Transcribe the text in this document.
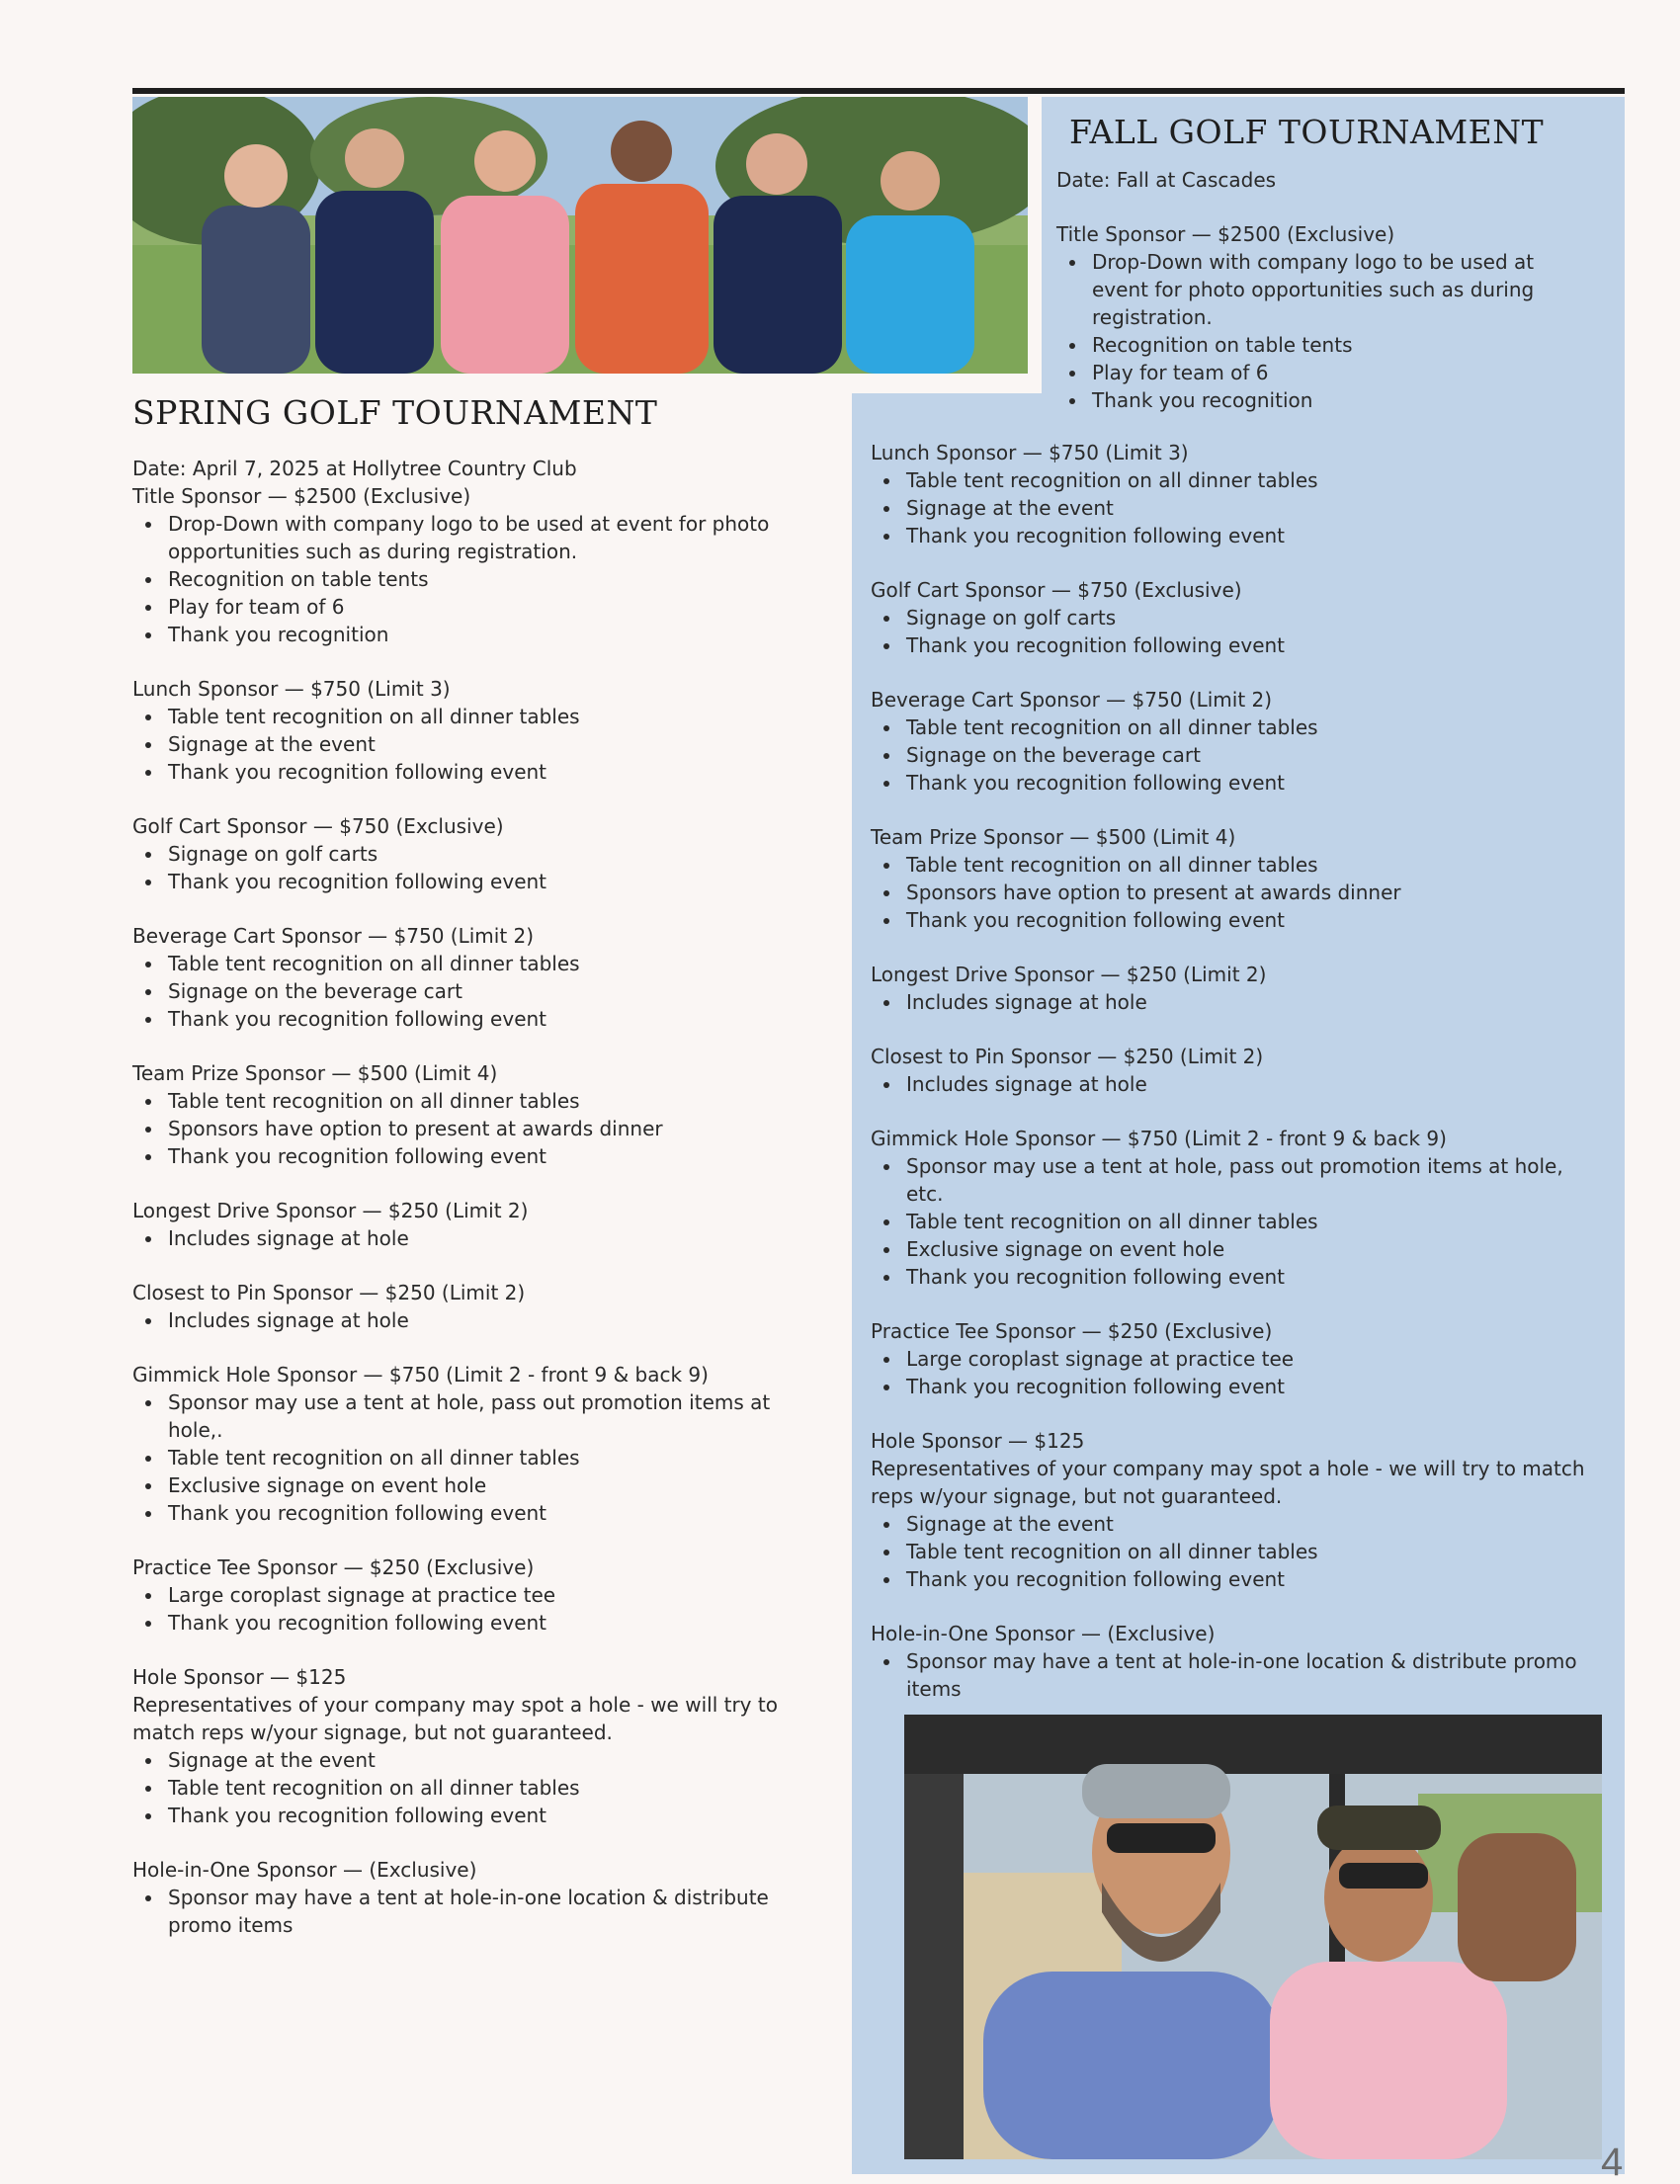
SPRING GOLF TOURNAMENT

Date: April 7, 2025 at Hollytree Country Club

Title Sponsor — $2500 (Exclusive)

Drop-Down with company logo to be used at event for photo opportunities such as during registration.
Recognition on table tents
Play for team of 6
Thank you recognition

Lunch Sponsor — $750 (Limit 3)

Table tent recognition on all dinner tables
Signage at the event
Thank you recognition following event

Golf Cart Sponsor — $750 (Exclusive)

Signage on golf carts
Thank you recognition following event

Beverage Cart Sponsor — $750 (Limit 2)

Table tent recognition on all dinner tables
Signage on the beverage cart
Thank you recognition following event

Team Prize Sponsor — $500 (Limit 4)

Table tent recognition on all dinner tables
Sponsors have option to present at awards dinner
Thank you recognition following event

Longest Drive Sponsor — $250 (Limit 2)

Includes signage at hole

Closest to Pin Sponsor — $250 (Limit 2)

Includes signage at hole

Gimmick Hole Sponsor — $750 (Limit 2 - front 9 & back 9)

Sponsor may use a tent at hole, pass out promotion items at hole,.
Table tent recognition on all dinner tables
Exclusive signage on event hole
Thank you recognition following event

Practice Tee Sponsor — $250 (Exclusive)

Large coroplast signage at practice tee
Thank you recognition following event

Hole Sponsor — $125

Representatives of your company may spot a hole - we will try to match reps w/your signage, but not guaranteed.

Signage at the event
Table tent recognition on all dinner tables
Thank you recognition following event

Hole-in-One Sponsor — (Exclusive)

Sponsor may have a tent at hole-in-one location & distribute promo items
FALL GOLF TOURNAMENT

Date: Fall at Cascades

Title Sponsor — $2500 (Exclusive)

Drop-Down with company logo to be used at event for photo opportunities such as during registration.
Recognition on table tents
Play for team of 6
Thank you recognition

Lunch Sponsor — $750 (Limit 3)

Table tent recognition on all dinner tables
Signage at the event
Thank you recognition following event

Golf Cart Sponsor — $750 (Exclusive)

Signage on golf carts
Thank you recognition following event

Beverage Cart Sponsor — $750 (Limit 2)

Table tent recognition on all dinner tables
Signage on the beverage cart
Thank you recognition following event

Team Prize Sponsor — $500 (Limit 4)

Table tent recognition on all dinner tables
Sponsors have option to present at awards dinner
Thank you recognition following event

Longest Drive Sponsor — $250 (Limit 2)

Includes signage at hole

Closest to Pin Sponsor — $250 (Limit 2)

Includes signage at hole

Gimmick Hole Sponsor — $750 (Limit 2 - front 9 & back 9)

Sponsor may use a tent at hole, pass out promotion items at hole, etc.
Table tent recognition on all dinner tables
Exclusive signage on event hole
Thank you recognition following event

Practice Tee Sponsor — $250 (Exclusive)

Large coroplast signage at practice tee
Thank you recognition following event

Hole Sponsor — $125

Representatives of your company may spot a hole - we will try to match reps w/your signage, but not guaranteed.

Signage at the event
Table tent recognition on all dinner tables
Thank you recognition following event

Hole-in-One Sponsor — (Exclusive)

Sponsor may have a tent at hole-in-one location & distribute promo items
4
